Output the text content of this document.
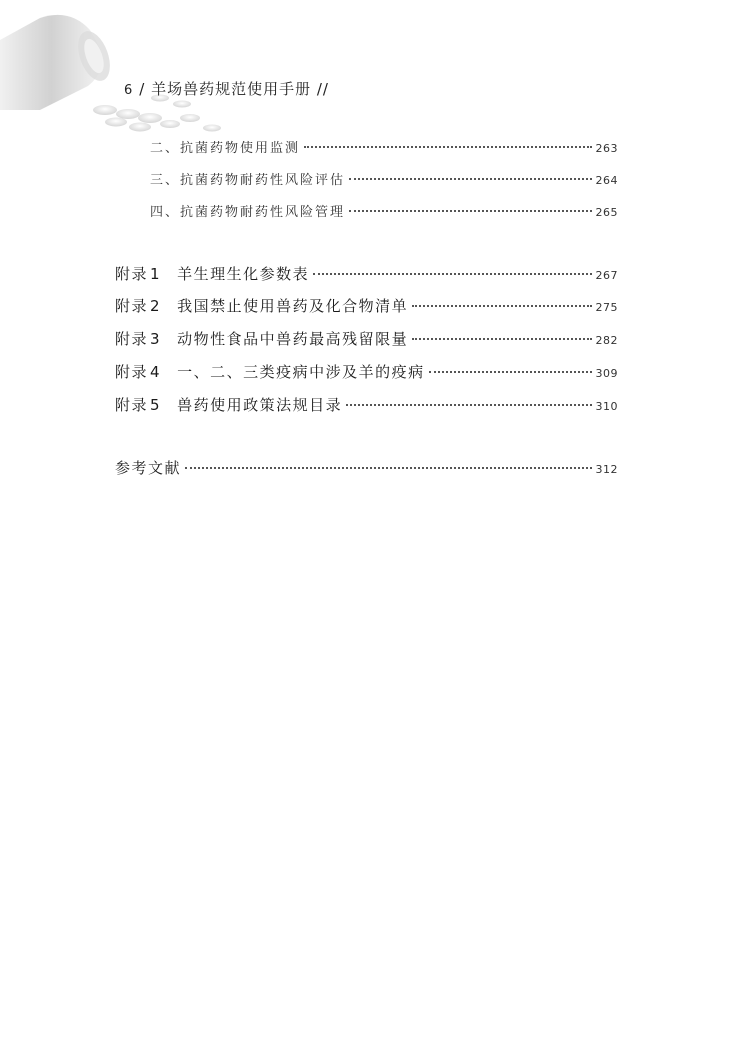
6 / 羊场兽药规范使用手册 //
二、抗菌药物使用监测	263
三、抗菌药物耐药性风险评估	264
四、抗菌药物耐药性风险管理	265
附录 1 羊生理生化参数表	267
附录 2 我国禁止使用兽药及化合物清单	275
附录 3 动物性食品中兽药最高残留限量	282
附录 4 一、二、三类疫病中涉及羊的疫病	309
附录 5 兽药使用政策法规目录	310
参考文献	312
